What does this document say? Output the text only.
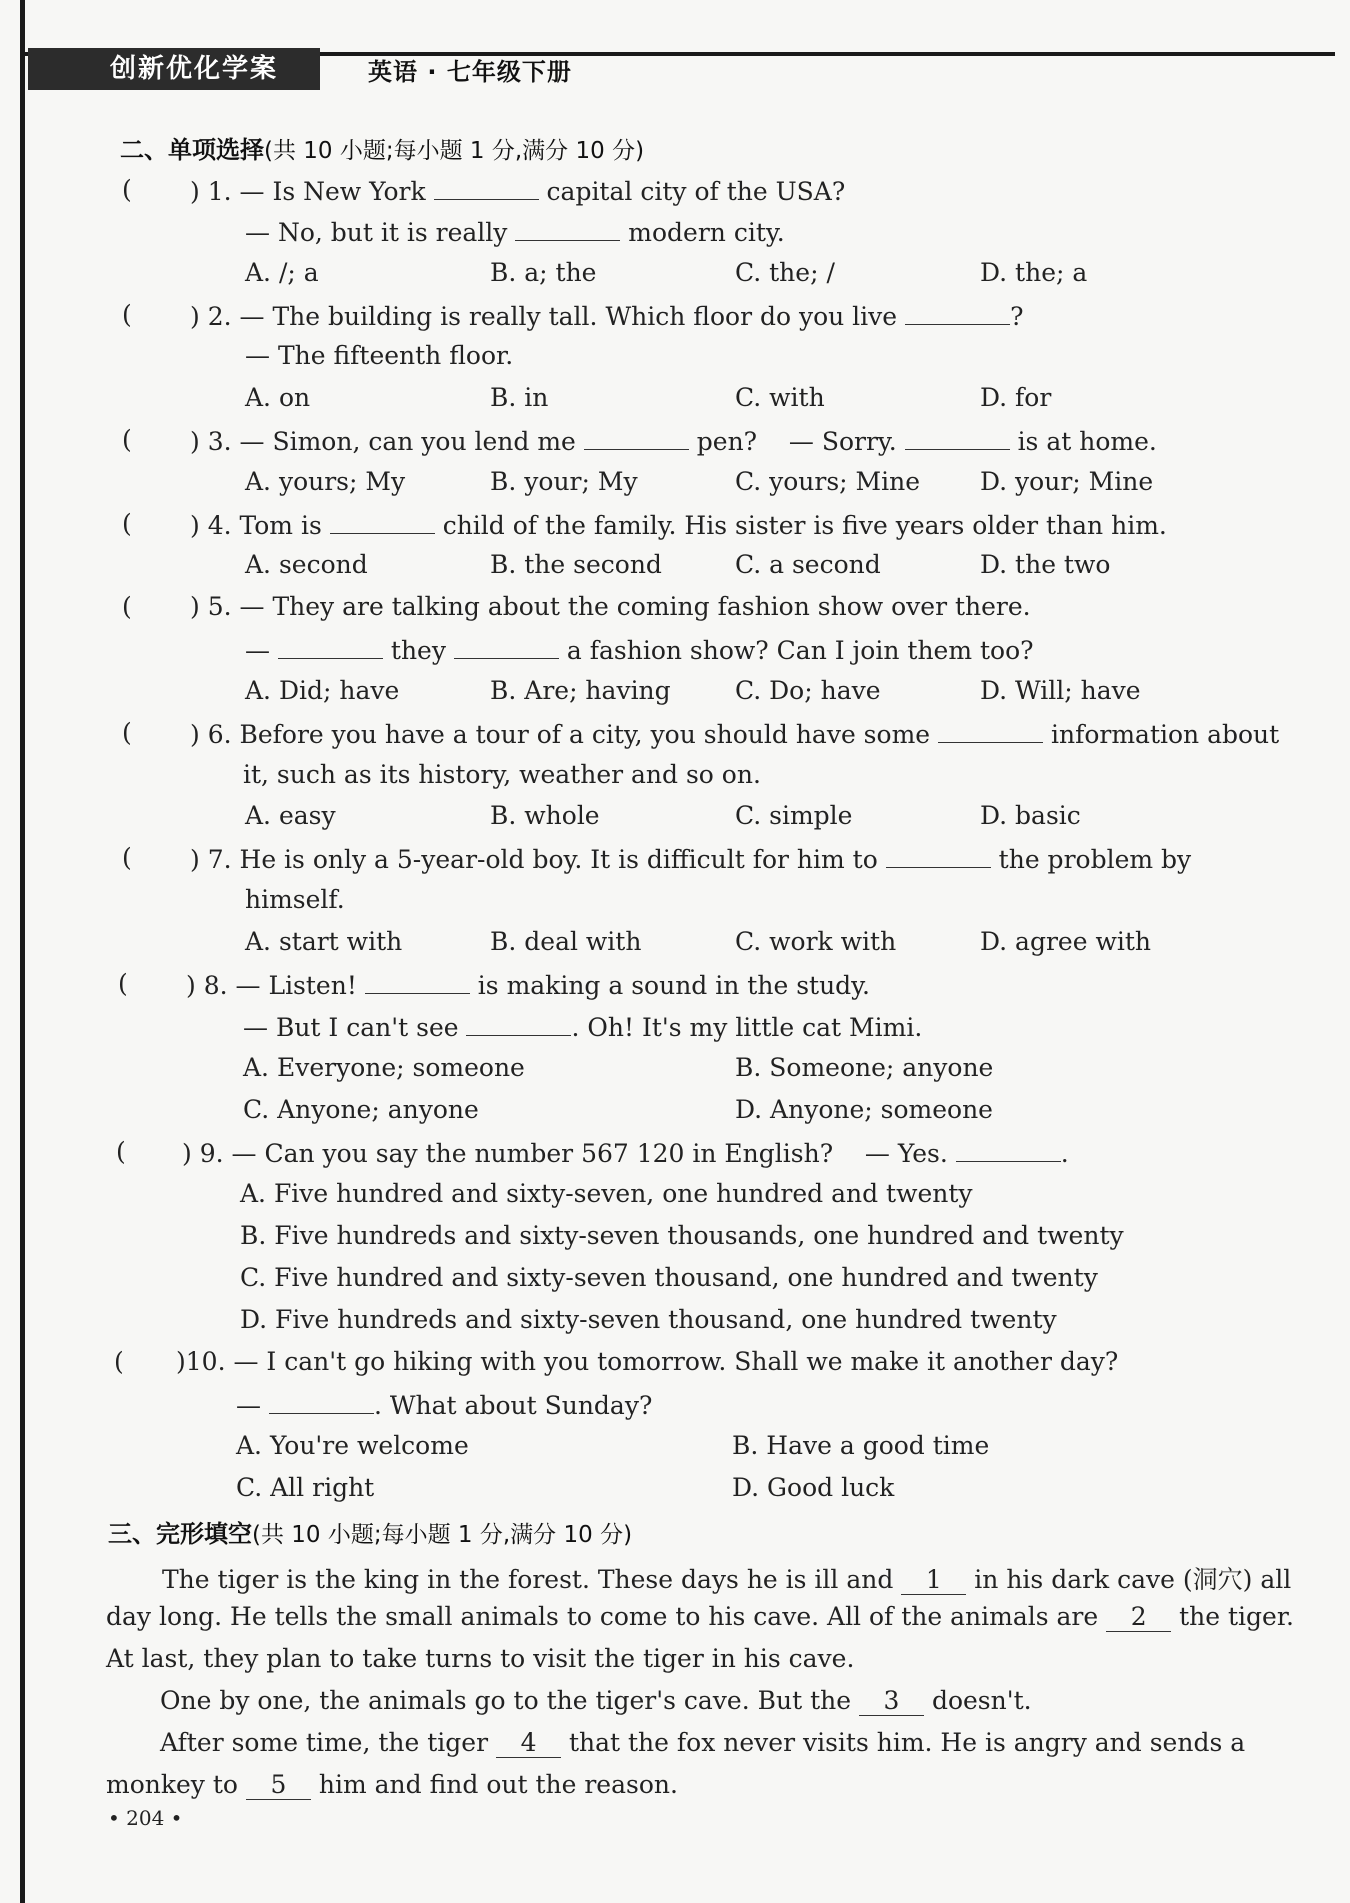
创新优化学案	英语 · 七年级下册
二、单项选择(共 10 小题;每小题 1 分,满分 10 分)
( ) 1. — Is New York	capital city of the USA?
— No, but it is really	modern city.
A. /; a	B. a; the	C. the; /	D. the; a
( ) 2. — The building is really tall. Which floor do you live	?
— The fifteenth floor.
A. on	B. in	C. with	D. for
( ) 3. — Simon, can you lend me	pen? — Sorry.	is at home.
A. yours; My	B. your; My	C. yours; Mine D. your; Mine
( ) 4. Tom is	child of the family. His sister is five years older than him.
A. second	B. the second	C. a second	D. the two
( ) 5. — They are talking about the coming fashion show over there.
—	they	a fashion show? Can I join them too?
A. Did; have	B. Are; having	C. Do; have	D. Will; have
( ) 6. Before you have a tour of a city, you should have some	information about
it, such as its history, weather and so on.
A. easy	B. whole	C. simple	D. basic
( ) 7. He is only a 5-year-old boy. It is difficult for him to	the problem by
himself.
A. start with	B. deal with	C. work with	D. agree with
( ) 8. — Listen!	is making a sound in the study.
— But I can't see	. Oh! It's my little cat Mimi.
A. Everyone; someone	B. Someone; anyone
C. Anyone; anyone	D. Anyone; someone
( ) 9. — Can you say the number 567 120 in English? — Yes.	.
A. Five hundred and sixty-seven, one hundred and twenty
B. Five hundreds and sixty-seven thousands, one hundred and twenty
C. Five hundred and sixty-seven thousand, one hundred and twenty
D. Five hundreds and sixty-seven thousand, one hundred twenty
( )10. — I can't go hiking with you tomorrow. Shall we make it another day?
—	. What about Sunday?
A. You're welcome	B. Have a good time
C. All right	D. Good luck
三、完形填空(共 10 小题;每小题 1 分,满分 10 分)
The tiger is the king in the forest. These days he is ill and 1 in his dark cave (洞穴) all
day long. He tells the small animals to come to his cave. All of the animals are 2 the tiger.
At last, they plan to take turns to visit the tiger in his cave.
One by one, the animals go to the tiger's cave. But the 3 doesn't.
After some time, the tiger 4 that the fox never visits him. He is angry and sends a
monkey to 5 him and find out the reason.
• 204 •
